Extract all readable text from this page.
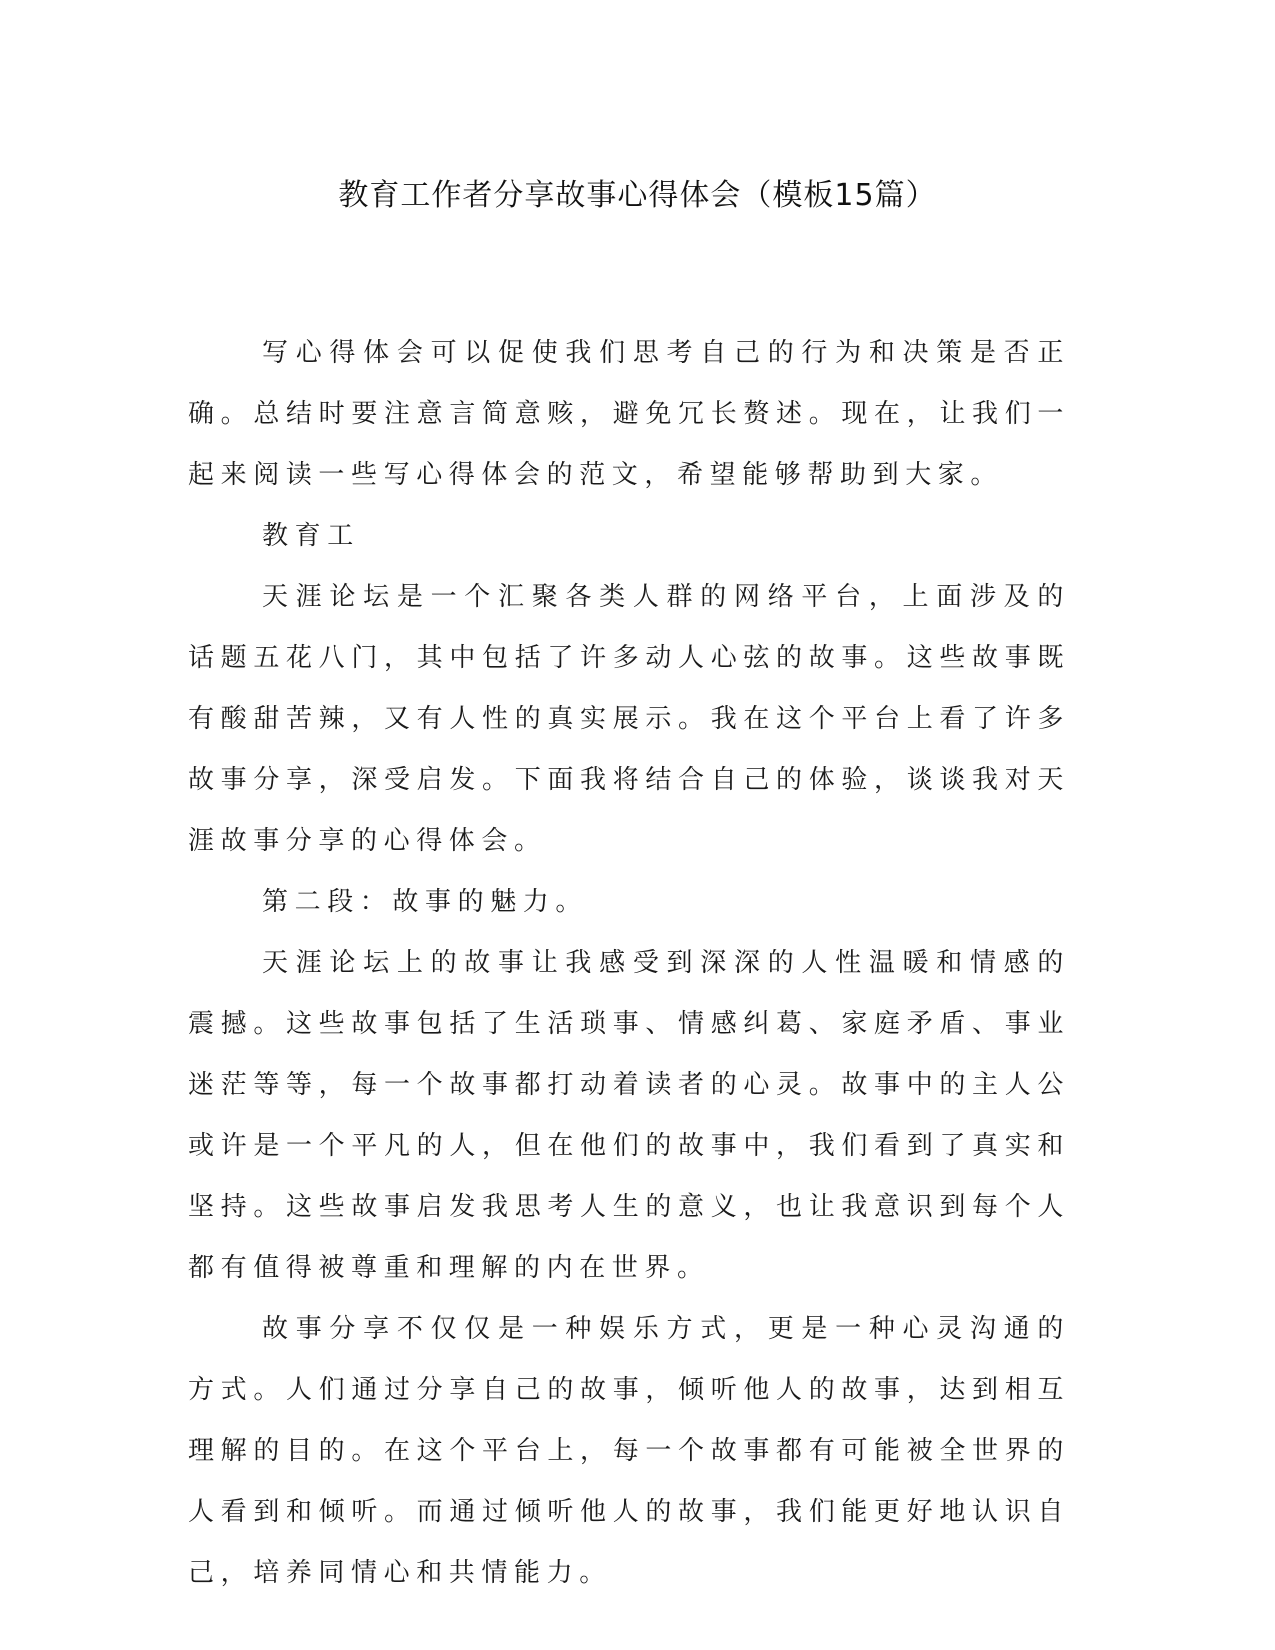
教育工作者分享故事心得体会（模板15篇）

写心得体会可以促使我们思考自己的行为和决策是否正确。总结时要注意言简意赅，避免冗长赘述。现在，让我们一起来阅读一些写心得体会的范文，希望能够帮助到大家。

教育工

天涯论坛是一个汇聚各类人群的网络平台，上面涉及的话题五花八门，其中包括了许多动人心弦的故事。这些故事既有酸甜苦辣，又有人性的真实展示。我在这个平台上看了许多故事分享，深受启发。下面我将结合自己的体验，谈谈我对天涯故事分享的心得体会。

第二段：故事的魅力。

天涯论坛上的故事让我感受到深深的人性温暖和情感的震撼。这些故事包括了生活琐事、情感纠葛、家庭矛盾、事业迷茫等等，每一个故事都打动着读者的心灵。故事中的主人公或许是一个平凡的人，但在他们的故事中，我们看到了真实和坚持。这些故事启发我思考人生的意义，也让我意识到每个人都有值得被尊重和理解的内在世界。

故事分享不仅仅是一种娱乐方式，更是一种心灵沟通的方式。人们通过分享自己的故事，倾听他人的故事，达到相互理解的目的。在这个平台上，每一个故事都有可能被全世界的人看到和倾听。而通过倾听他人的故事，我们能更好地认识自己，培养同情心和共情能力。
